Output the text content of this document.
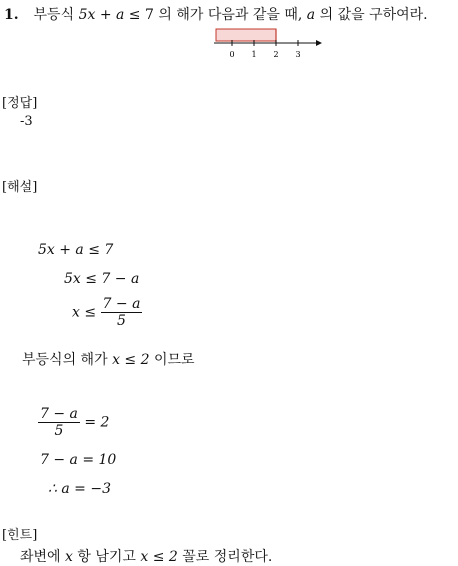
1. 부등식 5x + a ≤ 7 의 해가 다음과 같을 때, a 의 값을 구하여라.
0 1 2 3
[정답]
-3
[해설]
5x + a ≤ 7
5x ≤ 7 − a
$x \le \frac{7 - a}{5}$
부등식의 해가 x ≤ 2 이므로
$\frac{7 - a}{5} = 2$
7 − a = 10
∴ a = −3
[힌트]
좌변에 x 항 남기고 x ≤ 2 꼴로 정리한다.
